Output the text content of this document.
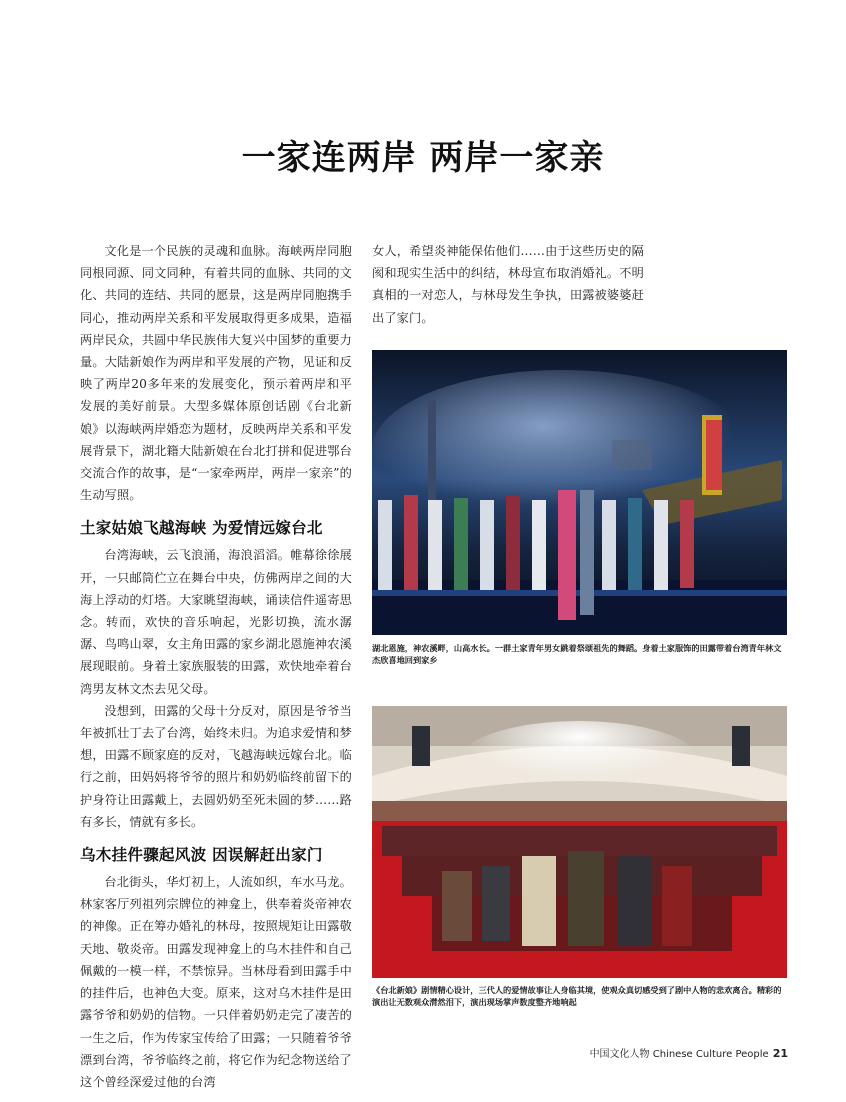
一家连两岸 两岸一家亲

文化是一个民族的灵魂和血脉。海峡两岸同胞同根同源、同文同种，有着共同的血脉、共同的文化、共同的连结、共同的愿景，这是两岸同胞携手同心，推动两岸关系和平发展取得更多成果，造福两岸民众，共圆中华民族伟大复兴中国梦的重要力量。大陆新娘作为两岸和平发展的产物，见证和反映了两岸20多年来的发展变化，预示着两岸和平发展的美好前景。大型多媒体原创话剧《台北新娘》以海峡两岸婚恋为题材，反映两岸关系和平发展背景下，湖北籍大陆新娘在台北打拼和促进鄂台交流合作的故事，是“一家牵两岸，两岸一家亲”的生动写照。

土家姑娘飞越海峡 为爱情远嫁台北

台湾海峡，云飞浪涌，海浪滔滔。帷幕徐徐展开，一只邮筒伫立在舞台中央，仿佛两岸之间的大海上浮动的灯塔。大家眺望海峡，诵读信件遥寄思念。转而，欢快的音乐响起，光影切换，流水潺潺、鸟鸣山翠，女主角田露的家乡湖北恩施神农溪展现眼前。身着土家族服装的田露，欢快地牵着台湾男友林文杰去见父母。

没想到，田露的父母十分反对，原因是爷爷当年被抓壮丁去了台湾，始终未归。为追求爱情和梦想，田露不顾家庭的反对，飞越海峡远嫁台北。临行之前，田妈妈将爷爷的照片和奶奶临终前留下的护身符让田露戴上，去圆奶奶至死未圆的梦……路有多长，情就有多长。

乌木挂件骤起风波 因误解赶出家门

台北街头，华灯初上，人流如织，车水马龙。林家客厅列祖列宗牌位的神龛上，供奉着炎帝神农的神像。正在筹办婚礼的林母，按照规矩让田露敬天地、敬炎帝。田露发现神龛上的乌木挂件和自己佩戴的一模一样，不禁惊异。当林母看到田露手中的挂件后，也神色大变。原来，这对乌木挂件是田露爷爷和奶奶的信物。一只伴着奶奶走完了凄苦的一生之后，作为传家宝传给了田露；一只随着爷爷漂到台湾，爷爷临终之前，将它作为纪念物送给了这个曾经深爱过他的台湾

女人，希望炎神能保佑他们……由于这些历史的隔阂和现实生活中的纠结，林母宣布取消婚礼。不明真相的一对恋人，与林母发生争执，田露被婆婆赶出了家门。

湖北恩施，神农溪畔，山高水长。一群土家青年男女跳着祭颂祖先的舞蹈。身着土家服饰的田露带着台湾青年林文杰欣喜地回到家乡
《台北新娘》剧情精心设计，三代人的爱情故事让人身临其境，使观众真切感受到了剧中人物的悲欢离合。精彩的演出让无数观众潸然泪下，演出现场掌声数度整齐地响起
中国文化人物 Chinese Culture People 21
